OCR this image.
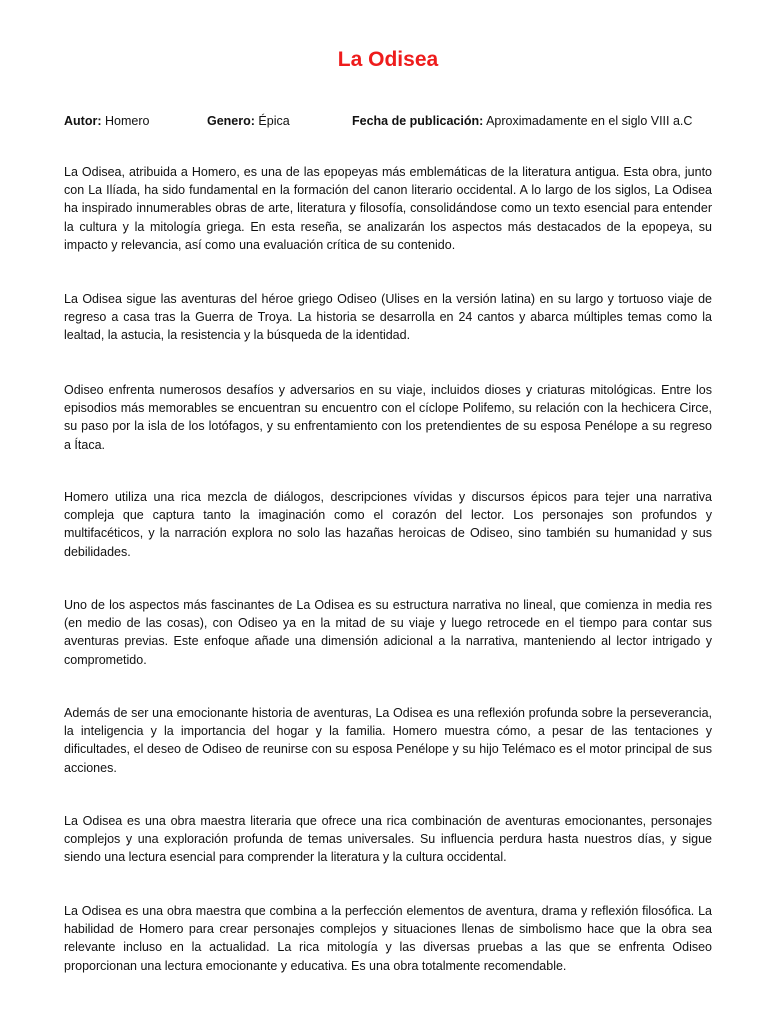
La Odisea
Autor: Homero	Genero: Épica	Fecha de publicación: Aproximadamente en el siglo VIII a.C

La Odisea, atribuida a Homero, es una de las epopeyas más emblemáticas de la literatura antigua. Esta obra, junto con La Ilíada, ha sido fundamental en la formación del canon literario occidental. A lo largo de los siglos, La Odisea ha inspirado innumerables obras de arte, literatura y filosofía, consolidándose como un texto esencial para entender la cultura y la mitología griega. En esta reseña, se analizarán los aspectos más destacados de la epopeya, su impacto y relevancia, así como una evaluación crítica de su contenido.

La Odisea sigue las aventuras del héroe griego Odiseo (Ulises en la versión latina) en su largo y tortuoso viaje de regreso a casa tras la Guerra de Troya. La historia se desarrolla en 24 cantos y abarca múltiples temas como la lealtad, la astucia, la resistencia y la búsqueda de la identidad.

Odiseo enfrenta numerosos desafíos y adversarios en su viaje, incluidos dioses y criaturas mitológicas. Entre los episodios más memorables se encuentran su encuentro con el cíclope Polifemo, su relación con la hechicera Circe, su paso por la isla de los lotófagos, y su enfrentamiento con los pretendientes de su esposa Penélope a su regreso a Ítaca.

Homero utiliza una rica mezcla de diálogos, descripciones vívidas y discursos épicos para tejer una narrativa compleja que captura tanto la imaginación como el corazón del lector. Los personajes son profundos y multifacéticos, y la narración explora no solo las hazañas heroicas de Odiseo, sino también su humanidad y sus debilidades.

Uno de los aspectos más fascinantes de La Odisea es su estructura narrativa no lineal, que comienza in media res (en medio de las cosas), con Odiseo ya en la mitad de su viaje y luego retrocede en el tiempo para contar sus aventuras previas. Este enfoque añade una dimensión adicional a la narrativa, manteniendo al lector intrigado y comprometido.

Además de ser una emocionante historia de aventuras, La Odisea es una reflexión profunda sobre la perseverancia, la inteligencia y la importancia del hogar y la familia. Homero muestra cómo, a pesar de las tentaciones y dificultades, el deseo de Odiseo de reunirse con su esposa Penélope y su hijo Telémaco es el motor principal de sus acciones.

La Odisea es una obra maestra literaria que ofrece una rica combinación de aventuras emocionantes, personajes complejos y una exploración profunda de temas universales. Su influencia perdura hasta nuestros días, y sigue siendo una lectura esencial para comprender la literatura y la cultura occidental.

La Odisea es una obra maestra que combina a la perfección elementos de aventura, drama y reflexión filosófica. La habilidad de Homero para crear personajes complejos y situaciones llenas de simbolismo hace que la obra sea relevante incluso en la actualidad. La rica mitología y las diversas pruebas a las que se enfrenta Odiseo proporcionan una lectura emocionante y educativa. Es una obra totalmente recomendable.
